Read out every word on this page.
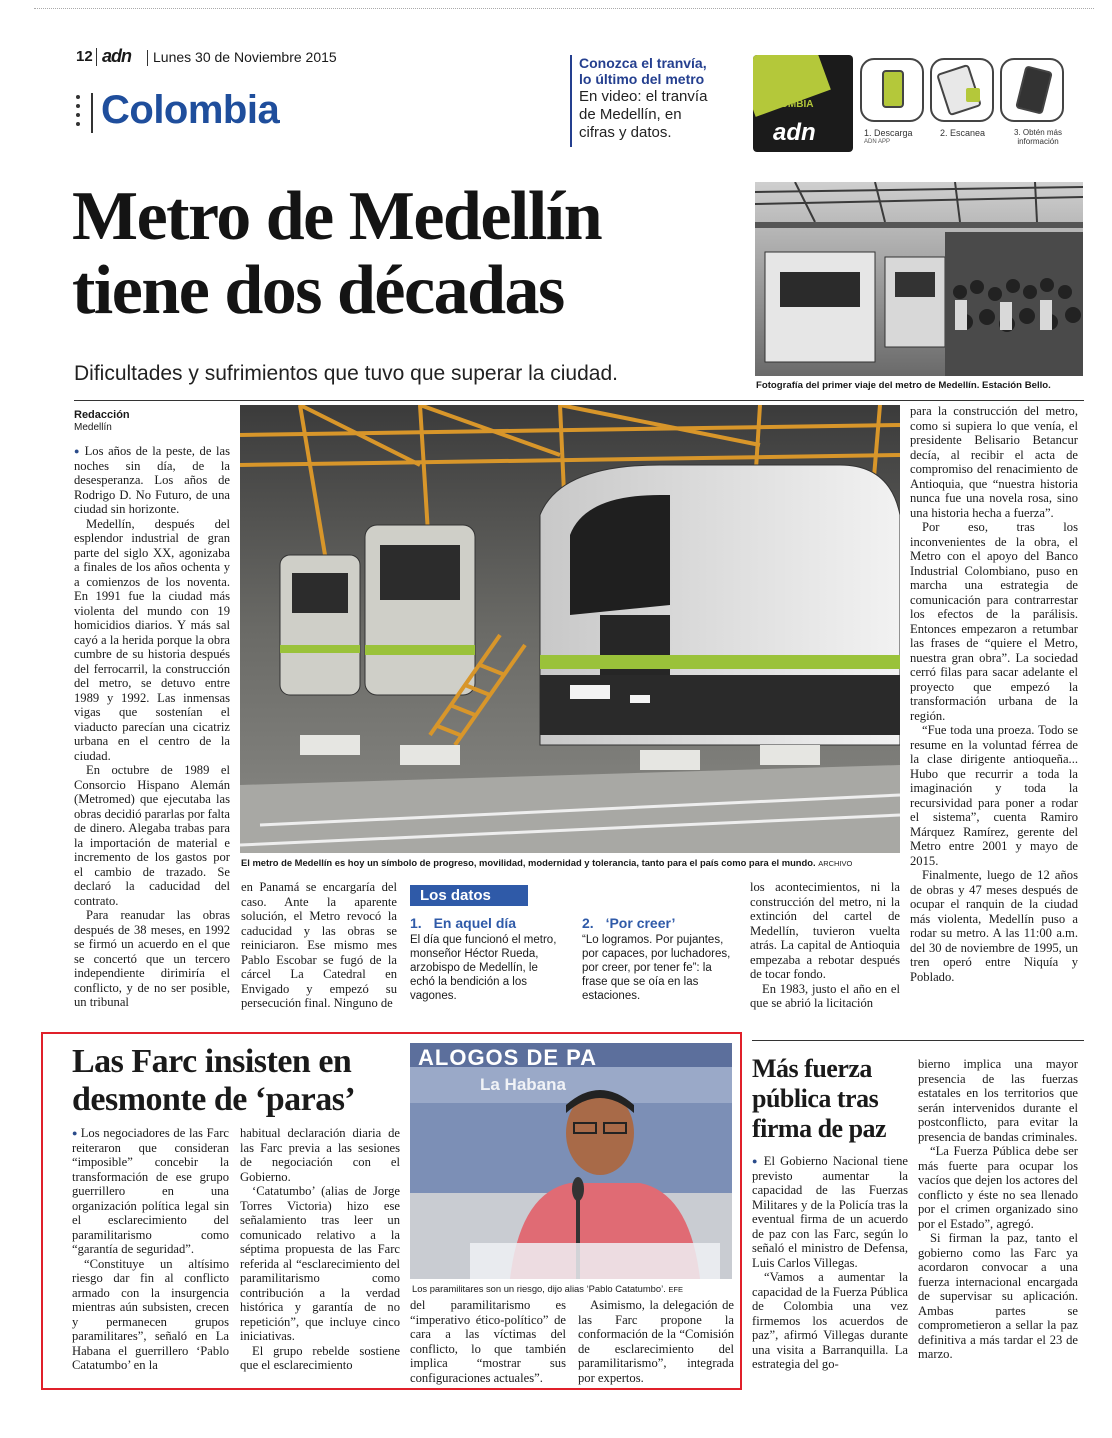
12 adn Lunes 30 de Noviembre 2015
Colombia
Conozca el tranvía,
lo último del metro
En video: el tranvía
de Medellín, en
cifras y datos.
COLOMBIA
adn	1. Descarga
ADN APP
2. Escanea	3. Obtén más información
Metro de Medellín
tiene dos décadas
Dificultades y sufrimientos que tuvo que superar la ciudad.
Fotografía del primer viaje del metro de Medellín. Estación Bello.
Redacción
Medellín

● Los años de la peste, de las noches sin día, de la desesperanza. Los años de Rodrigo D. No Futuro, de una ciudad sin horizonte.

Medellín, después del esplendor industrial de gran parte del siglo XX, agonizaba a finales de los años ochenta y a comienzos de los noventa. En 1991 fue la ciudad más violenta del mundo con 19 homicidios diarios. Y más sal cayó a la herida porque la obra cumbre de su historia después del ferrocarril, la construcción del metro, se detuvo entre 1989 y 1992. Las inmensas vigas que sostenían el viaducto parecían una cicatriz urbana en el centro de la ciudad.

En octubre de 1989 el Consorcio Hispano Alemán (Metromed) que ejecutaba las obras decidió pararlas por falta de dinero. Alegaba trabas para la importación de material e incremento de los gastos por el cambio de trazado. Se declaró la caducidad del contrato.

Para reanudar las obras después de 38 meses, en 1992 se firmó un acuerdo en el que se concertó que un tercero independiente dirimiría el conflicto, y de no ser posible, un tribunal

El metro de Medellín es hoy un símbolo de progreso, movilidad, modernidad y tolerancia, tanto para el país como para el mundo. ARCHIVO

en Panamá se encargaría del caso. Ante la aparente solución, el Metro revocó la caducidad y las obras se reiniciaron. Ese mismo mes Pablo Escobar se fugó de la cárcel La Catedral en Envigado y empezó su persecución final. Ninguno de

Los datos
1. En aquel día
El día que funcionó el metro, monseñor Héctor Rueda, arzobispo de Medellín, le echó la bendición a los vagones.
2. ‘Por creer’
“Lo logramos. Por pujantes, por capaces, por luchadores, por creer, por tener fe”: la frase que se oía en las estaciones.

los acontecimientos, ni la construcción del metro, ni la extinción del cartel de Medellín, tuvieron vuelta atrás. La capital de Antioquia empezaba a rebotar después de tocar fondo.

En 1983, justo el año en el que se abrió la licitación

para la construcción del metro, como si supiera lo que venía, el presidente Belisario Betancur decía, al recibir el acta de compromiso del renacimiento de Antioquia, que “nuestra historia nunca fue una novela rosa, sino una historia hecha a fuerza”.

Por eso, tras los inconvenientes de la obra, el Metro con el apoyo del Banco Industrial Colombiano, puso en marcha una estrategia de comunicación para contrarrestar los efectos de la parálisis. Entonces empezaron a retumbar las frases de “quiere el Metro, nuestra gran obra”. La sociedad cerró filas para sacar adelante el proyecto que empezó la transformación urbana de la región.

“Fue toda una proeza. Todo se resume en la voluntad férrea de la clase dirigente antioqueña... Hubo que recurrir a toda la imaginación y toda la recursividad para poner a rodar el sistema”, cuenta Ramiro Márquez Ramírez, gerente del Metro entre 2001 y mayo de 2015.

Finalmente, luego de 12 años de obras y 47 meses después de ocupar el ranquin de la ciudad más violenta, Medellín puso a rodar su metro. A las 11:00 a.m. del 30 de noviembre de 1995, un tren operó entre Niquía y Poblado.

Las Farc insisten en
desmonte de ‘paras’

● Los negociadores de las Farc reiteraron que consideran “imposible” concebir la transformación de ese grupo guerrillero en una organización política legal sin el esclarecimiento del paramilitarismo como “garantía de seguridad”.

“Constituye un altísimo riesgo dar fin al conflicto armado con la insurgencia mientras aún subsisten, crecen y permanecen grupos paramilitares”, señaló en La Habana el guerrillero ‘Pablo Catatumbo’ en la

habitual declaración diaria de las Farc previa a las sesiones de negociación con el Gobierno.

‘Catatumbo’ (alias de Jorge Torres Victoria) hizo ese señalamiento tras leer un comunicado relativo a la séptima propuesta de las Farc referida al “esclarecimiento del paramilitarismo como contribución a la verdad histórica y garantía de no repetición”, que incluye cinco iniciativas.

El grupo rebelde sostiene que el esclarecimiento

ALOGOS DE PA
La Habana
Los paramilitares son un riesgo, dijo alias ‘Pablo Catatumbo’. EFE

del paramilitarismo es “imperativo ético-político” de cara a las víctimas del conflicto, lo que también implica “mostrar sus configuraciones actuales”.

Asimismo, la delegación de las Farc propone la conformación de la “Comisión de esclarecimiento del paramilitarismo”, integrada por expertos.

Más fuerza
pública tras
firma de paz

● El Gobierno Nacional tiene previsto aumentar la capacidad de las Fuerzas Militares y de la Policía tras la eventual firma de un acuerdo de paz con las Farc, según lo señaló el ministro de Defensa, Luis Carlos Villegas.

“Vamos a aumentar la capacidad de la Fuerza Pública de Colombia una vez firmemos los acuerdos de paz”, afirmó Villegas durante una visita a Barranquilla. La estrategia del go-

bierno implica una mayor presencia de las fuerzas estatales en los territorios que serán intervenidos durante el postconflicto, para evitar la presencia de bandas criminales.

“La Fuerza Pública debe ser más fuerte para ocupar los vacíos que dejen los actores del conflicto y éste no sea llenado por el crimen organizado sino por el Estado”, agregó.

Si firman la paz, tanto el gobierno como las Farc ya acordaron convocar a una fuerza internacional encargada de supervisar su aplicación. Ambas partes se comprometieron a sellar la paz definitiva a más tardar el 23 de marzo.
